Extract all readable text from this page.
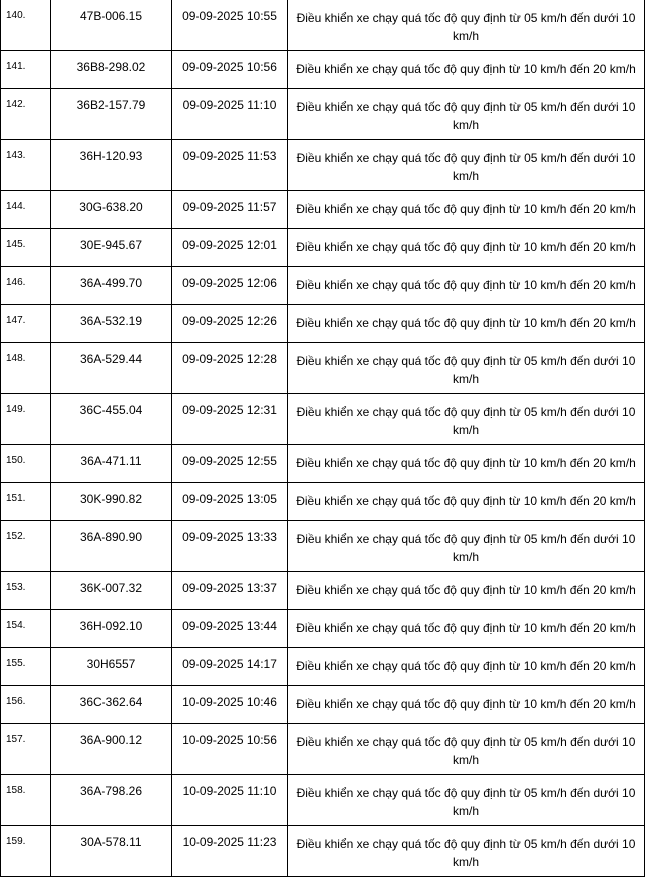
140.	47B-006.15	09-09-2025 10:55	Điều khiển xe chạy quá tốc độ quy định từ 05 km/h đến dưới 10 km/h
141.	36B8-298.02	09-09-2025 10:56	Điều khiển xe chạy quá tốc độ quy định từ 10 km/h đến 20 km/h
142.	36B2-157.79	09-09-2025 11:10	Điều khiển xe chạy quá tốc độ quy định từ 05 km/h đến dưới 10 km/h
143.	36H-120.93	09-09-2025 11:53	Điều khiển xe chạy quá tốc độ quy định từ 05 km/h đến dưới 10 km/h
144.	30G-638.20	09-09-2025 11:57	Điều khiển xe chạy quá tốc độ quy định từ 10 km/h đến 20 km/h
145.	30E-945.67	09-09-2025 12:01	Điều khiển xe chạy quá tốc độ quy định từ 10 km/h đến 20 km/h
146.	36A-499.70	09-09-2025 12:06	Điều khiển xe chạy quá tốc độ quy định từ 10 km/h đến 20 km/h
147.	36A-532.19	09-09-2025 12:26	Điều khiển xe chạy quá tốc độ quy định từ 10 km/h đến 20 km/h
148.	36A-529.44	09-09-2025 12:28	Điều khiển xe chạy quá tốc độ quy định từ 05 km/h đến dưới 10 km/h
149.	36C-455.04	09-09-2025 12:31	Điều khiển xe chạy quá tốc độ quy định từ 05 km/h đến dưới 10 km/h
150.	36A-471.11	09-09-2025 12:55	Điều khiển xe chạy quá tốc độ quy định từ 10 km/h đến 20 km/h
151.	30K-990.82	09-09-2025 13:05	Điều khiển xe chạy quá tốc độ quy định từ 10 km/h đến 20 km/h
152.	36A-890.90	09-09-2025 13:33	Điều khiển xe chạy quá tốc độ quy định từ 05 km/h đến dưới 10 km/h
153.	36K-007.32	09-09-2025 13:37	Điều khiển xe chạy quá tốc độ quy định từ 10 km/h đến 20 km/h
154.	36H-092.10	09-09-2025 13:44	Điều khiển xe chạy quá tốc độ quy định từ 10 km/h đến 20 km/h
155.	30H6557	09-09-2025 14:17	Điều khiển xe chạy quá tốc độ quy định từ 10 km/h đến 20 km/h
156.	36C-362.64	10-09-2025 10:46	Điều khiển xe chạy quá tốc độ quy định từ 10 km/h đến 20 km/h
157.	36A-900.12	10-09-2025 10:56	Điều khiển xe chạy quá tốc độ quy định từ 05 km/h đến dưới 10 km/h
158.	36A-798.26	10-09-2025 11:10	Điều khiển xe chạy quá tốc độ quy định từ 05 km/h đến dưới 10 km/h
159.	30A-578.11	10-09-2025 11:23	Điều khiển xe chạy quá tốc độ quy định từ 05 km/h đến dưới 10 km/h
